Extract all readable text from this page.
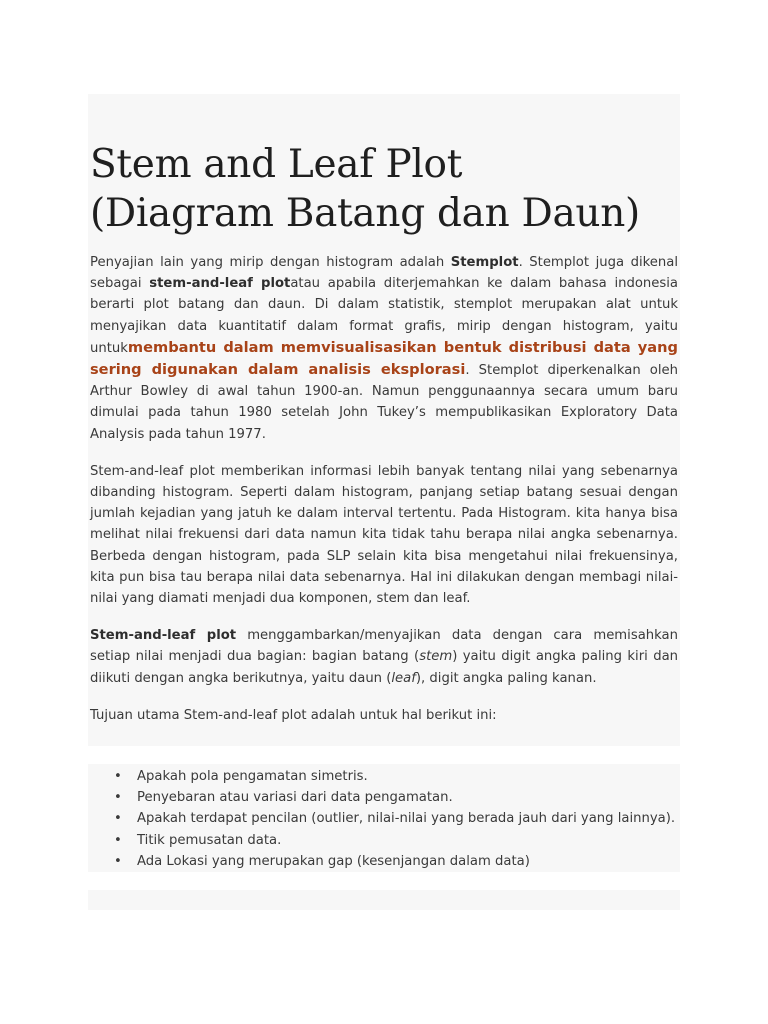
Stem and Leaf Plot
(Diagram Batang dan Daun)

Penyajian lain yang mirip dengan histogram adalah Stemplot. Stemplot juga dikenal sebagai stem-and-leaf plotatau apabila diterjemahkan ke dalam bahasa indonesia berarti plot batang dan daun. Di dalam statistik, stemplot merupakan alat untuk menyajikan data kuantitatif dalam format grafis, mirip dengan histogram, yaitu untukmembantu dalam memvisualisasikan bentuk distribusi data yang sering digunakan dalam analisis eksplorasi. Stemplot diperkenalkan oleh Arthur Bowley di awal tahun 1900-an. Namun penggunaannya secara umum baru dimulai pada tahun 1980 setelah John Tukey’s mempublikasikan Exploratory Data Analysis pada tahun 1977.

Stem-and-leaf plot memberikan informasi lebih banyak tentang nilai yang sebenarnya dibanding histogram. Seperti dalam histogram, panjang setiap batang sesuai dengan jumlah kejadian yang jatuh ke dalam interval tertentu. Pada Histogram. kita hanya bisa melihat nilai frekuensi dari data namun kita tidak tahu berapa nilai angka sebenarnya. Berbeda dengan histogram, pada SLP selain kita bisa mengetahui nilai frekuensinya, kita pun bisa tau berapa nilai data sebenarnya. Hal ini dilakukan dengan membagi nilai-nilai yang diamati menjadi dua komponen, stem dan leaf.

Stem-and-leaf plot menggambarkan/menyajikan data dengan cara memisahkan setiap nilai menjadi dua bagian: bagian batang (stem) yaitu digit angka paling kiri dan diikuti dengan angka berikutnya, yaitu daun (leaf), digit angka paling kanan.

Tujuan utama Stem-and-leaf plot adalah untuk hal berikut ini:

• Apakah pola pengamatan simetris.
• Penyebaran atau variasi dari data pengamatan.
• Apakah terdapat pencilan (outlier, nilai-nilai yang berada jauh dari yang lainnya).
• Titik pemusatan data.
• Ada Lokasi yang merupakan gap (kesenjangan dalam data)
